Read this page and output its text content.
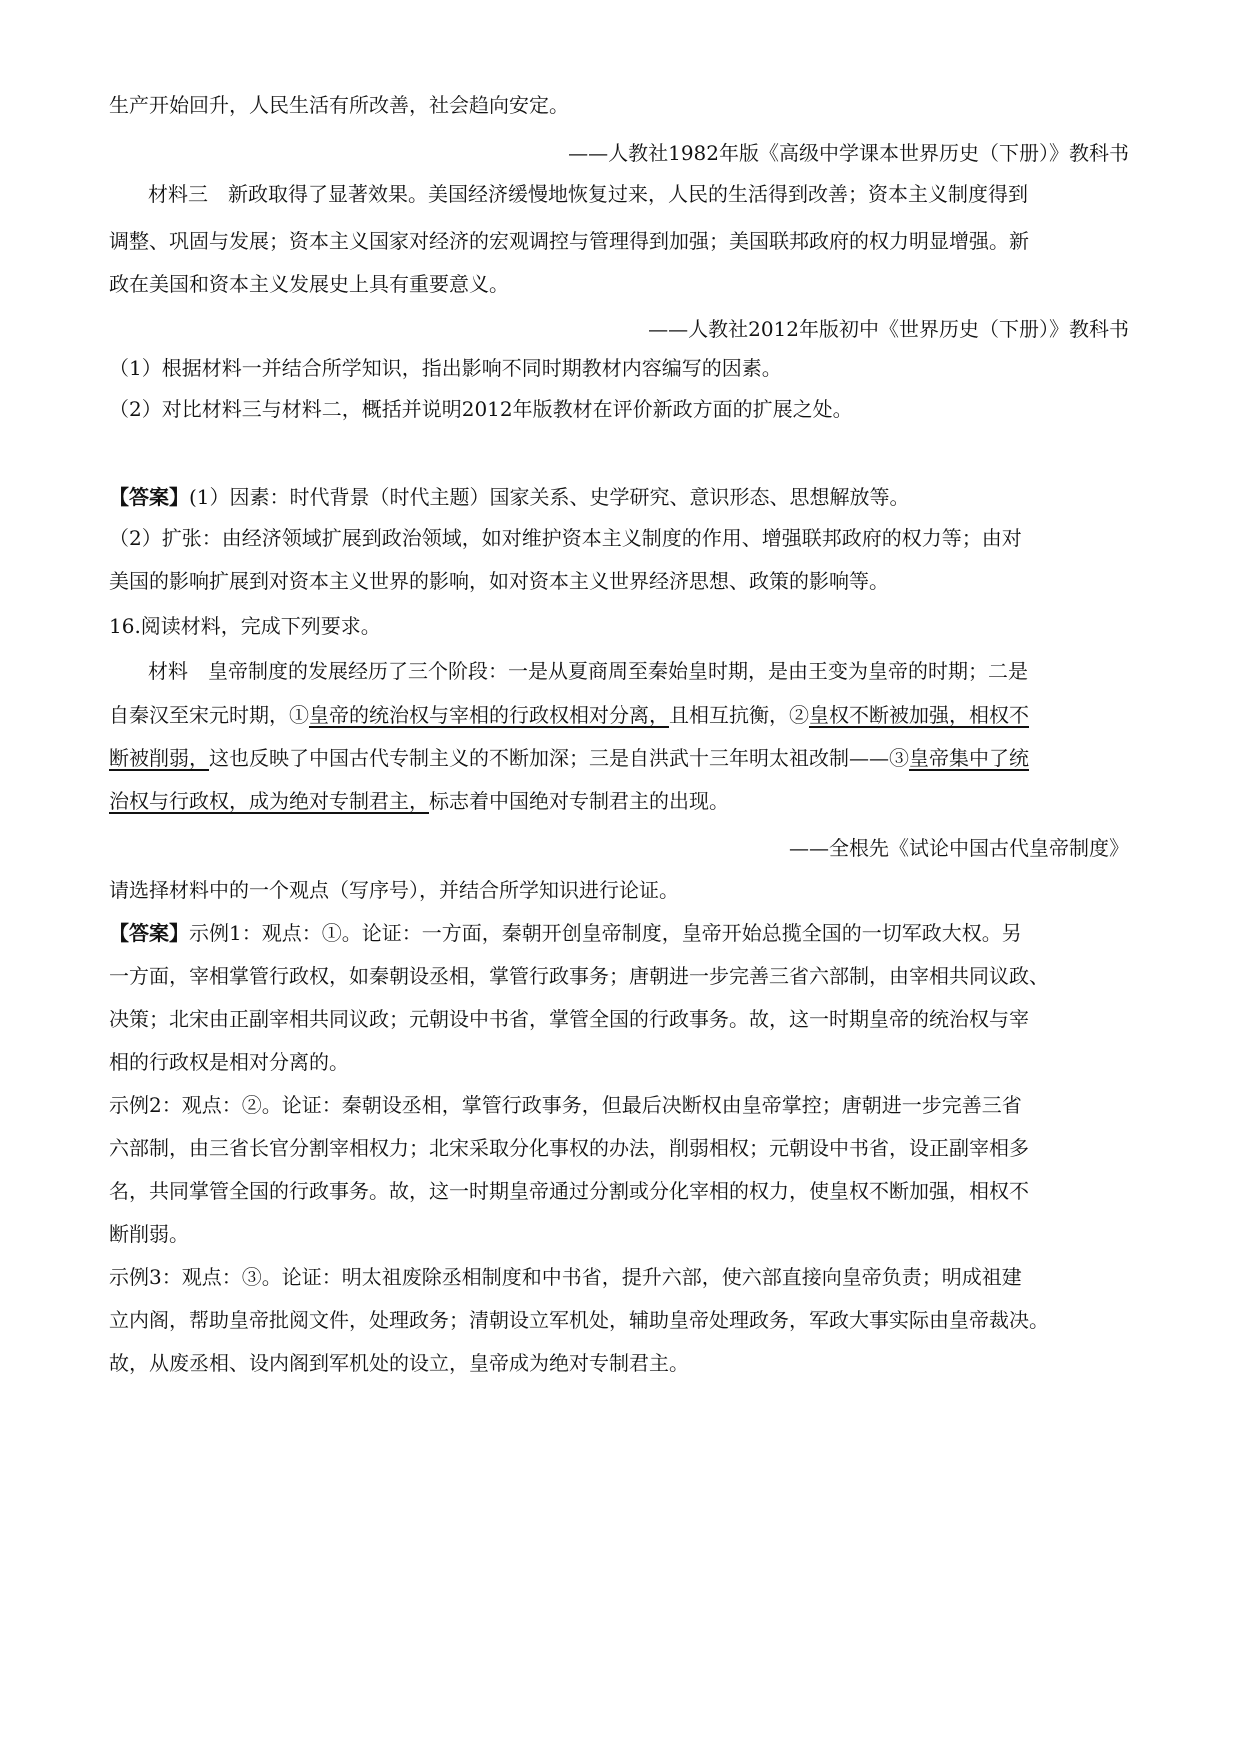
生产开始回升，人民生活有所改善，社会趋向安定。
——人教社1982年版《高级中学课本世界历史（下册）》教科书
材料三　新政取得了显著效果。美国经济缓慢地恢复过来，人民的生活得到改善；资本主义制度得到
调整、巩固与发展；资本主义国家对经济的宏观调控与管理得到加强；美国联邦政府的权力明显增强。新
政在美国和资本主义发展史上具有重要意义。
——人教社2012年版初中《世界历史（下册）》教科书
（1）根据材料一并结合所学知识，指出影响不同时期教材内容编写的因素。
（2）对比材料三与材料二，概括并说明2012年版教材在评价新政方面的扩展之处。
【答案】(1）因素：时代背景（时代主题）国家关系、史学研究、意识形态、思想解放等。
（2）扩张：由经济领域扩展到政治领域，如对维护资本主义制度的作用、增强联邦政府的权力等；由对
美国的影响扩展到对资本主义世界的影响，如对资本主义世界经济思想、政策的影响等。
16.阅读材料，完成下列要求。
材料　皇帝制度的发展经历了三个阶段：一是从夏商周至秦始皇时期，是由王变为皇帝的时期；二是
自秦汉至宋元时期，①皇帝的统治权与宰相的行政权相对分离，且相互抗衡，②皇权不断被加强，相权不
断被削弱，这也反映了中国古代专制主义的不断加深；三是自洪武十三年明太祖改制——③皇帝集中了统
治权与行政权，成为绝对专制君主，标志着中国绝对专制君主的出现。
——全根先《试论中国古代皇帝制度》
请选择材料中的一个观点（写序号），并结合所学知识进行论证。
【答案】示例1：观点：①。论证：一方面，秦朝开创皇帝制度，皇帝开始总揽全国的一切军政大权。另
一方面，宰相掌管行政权，如秦朝设丞相，掌管行政事务；唐朝进一步完善三省六部制，由宰相共同议政、
决策；北宋由正副宰相共同议政；元朝设中书省，掌管全国的行政事务。故，这一时期皇帝的统治权与宰
相的行政权是相对分离的。
示例2：观点：②。论证：秦朝设丞相，掌管行政事务，但最后决断权由皇帝掌控；唐朝进一步完善三省
六部制，由三省长官分割宰相权力；北宋采取分化事权的办法，削弱相权；元朝设中书省，设正副宰相多
名，共同掌管全国的行政事务。故，这一时期皇帝通过分割或分化宰相的权力，使皇权不断加强，相权不
断削弱。
示例3：观点：③。论证：明太祖废除丞相制度和中书省，提升六部，使六部直接向皇帝负责；明成祖建
立内阁，帮助皇帝批阅文件，处理政务；清朝设立军机处，辅助皇帝处理政务，军政大事实际由皇帝裁决。
故，从废丞相、设内阁到军机处的设立，皇帝成为绝对专制君主。
